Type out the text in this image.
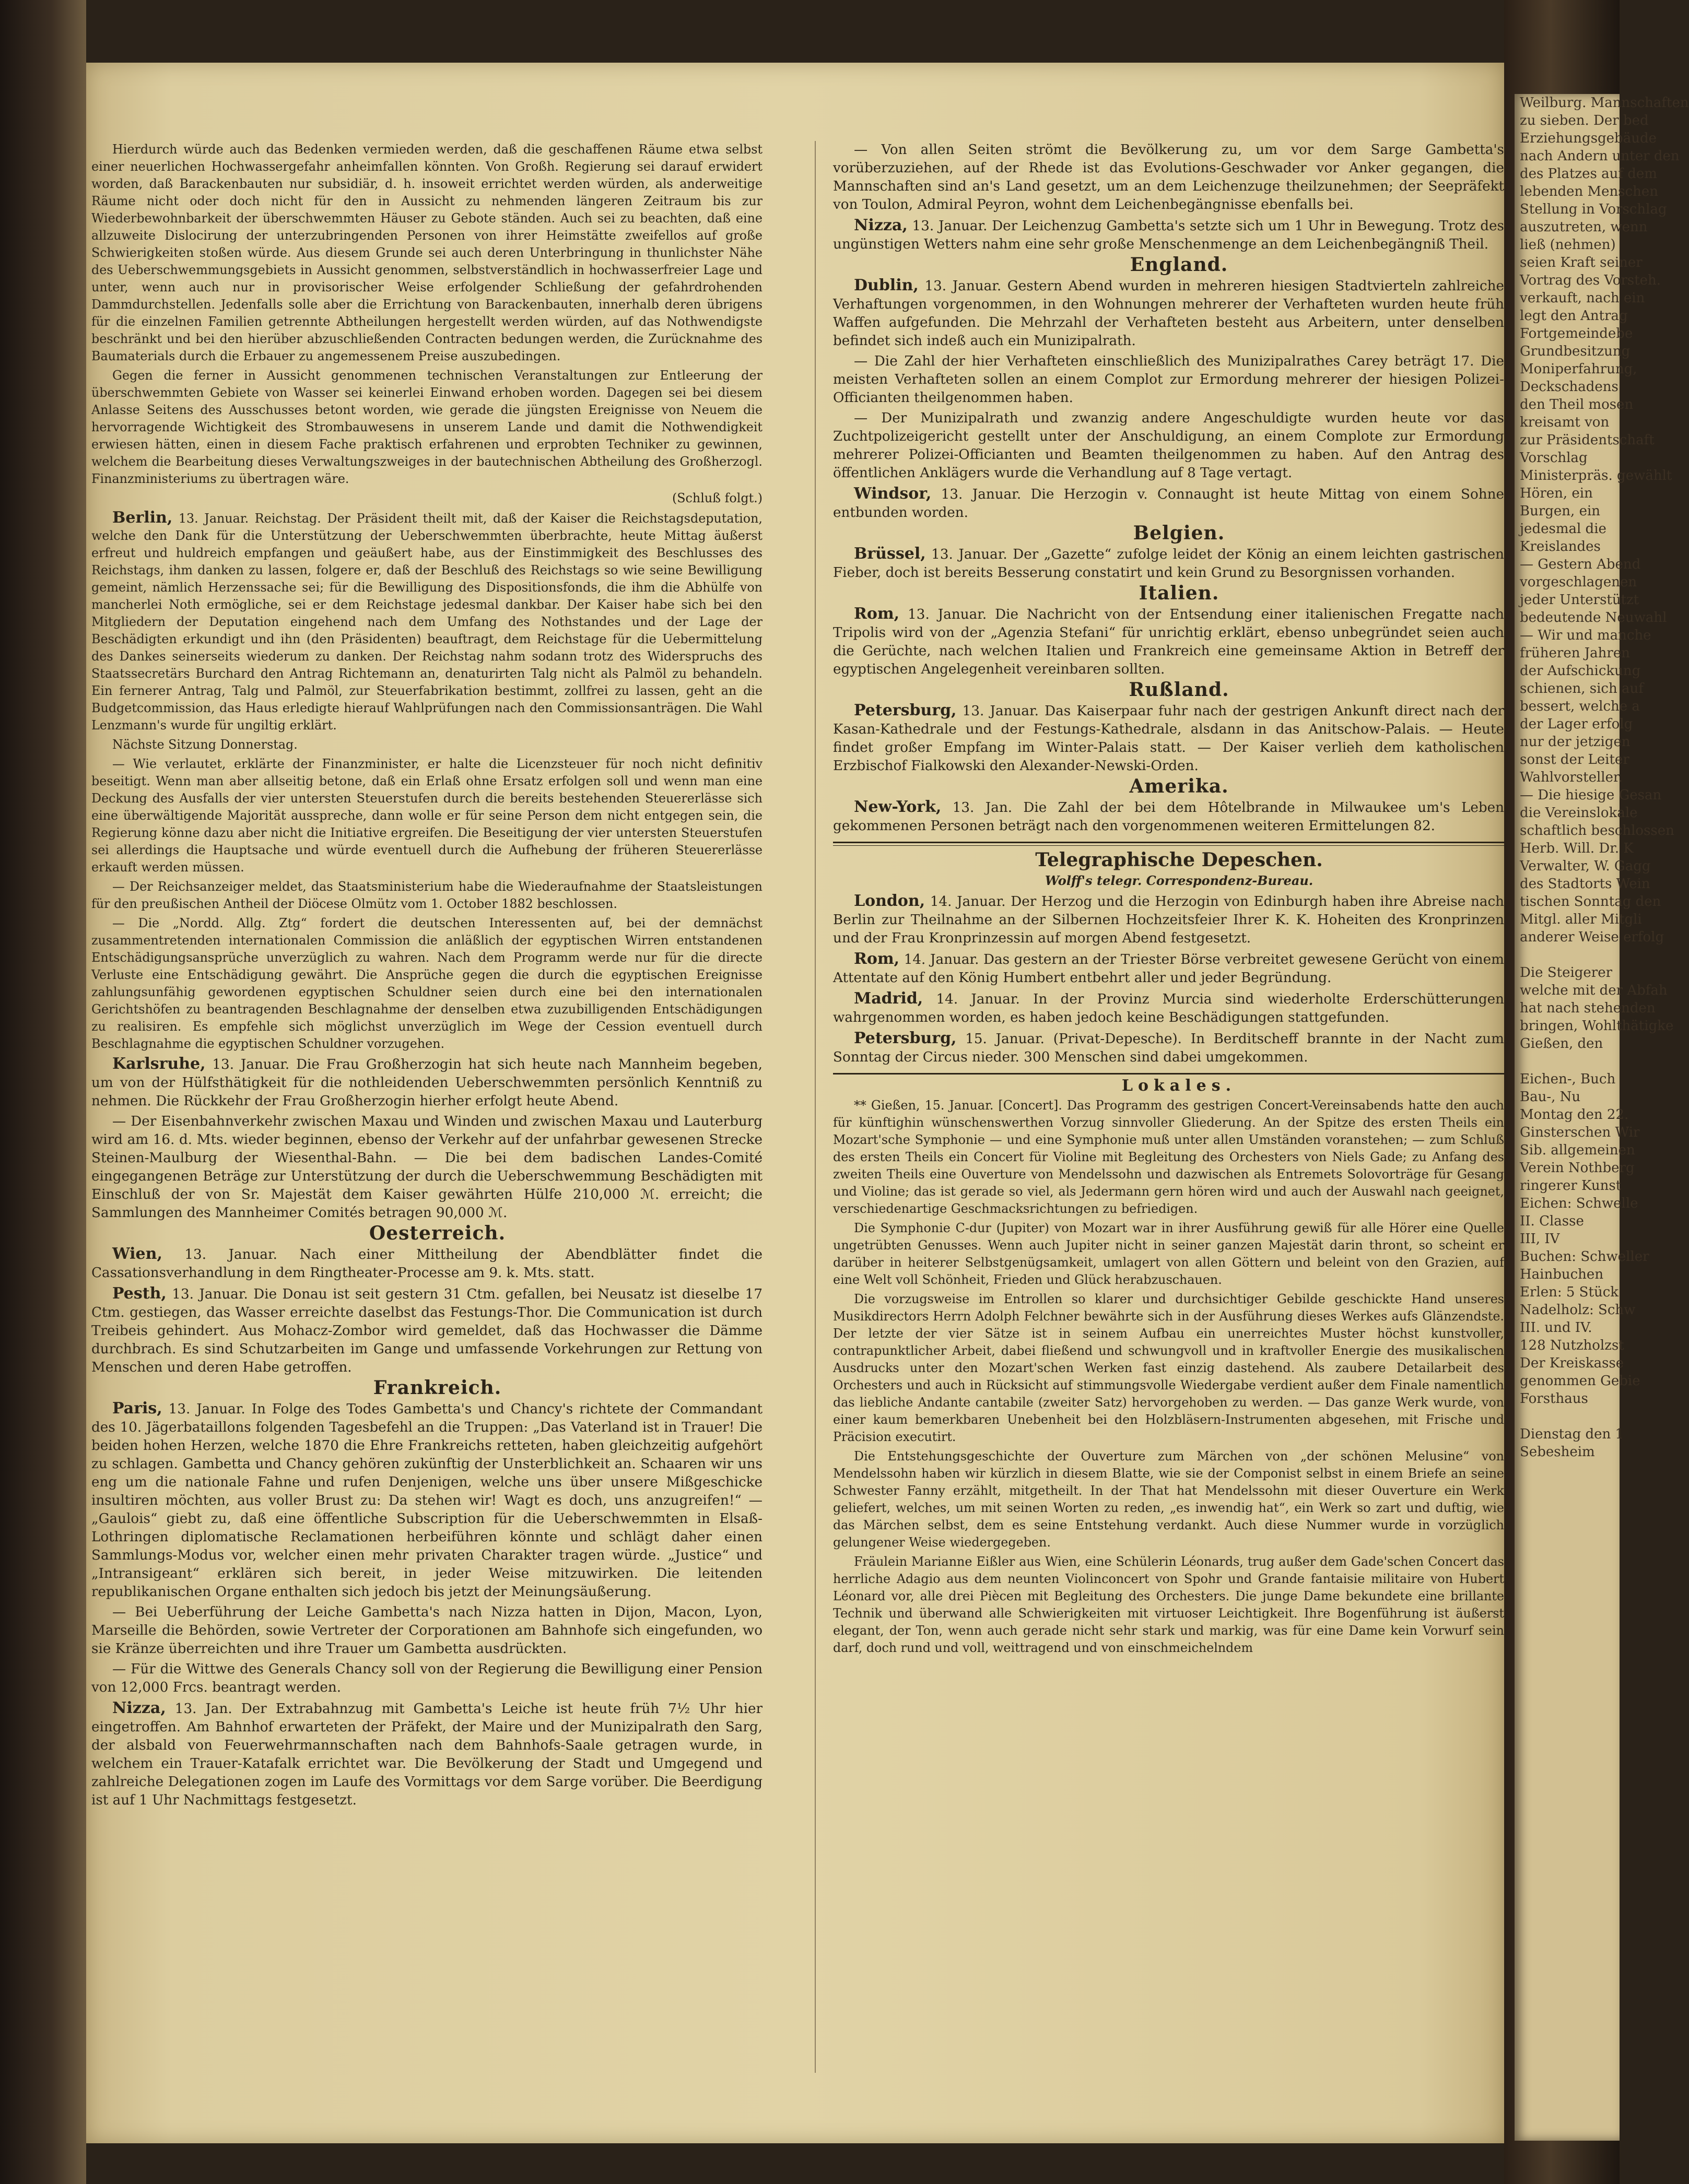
Hierdurch würde auch das Bedenken vermieden werden, daß die geschaffenen Räume etwa selbst einer neuerlichen Hochwassergefahr anheimfallen könnten. Von Großh. Regierung sei darauf erwidert worden, daß Barackenbauten nur subsidiär, d. h. insoweit errichtet werden würden, als anderweitige Räume nicht oder doch nicht für den in Aussicht zu nehmenden längeren Zeitraum bis zur Wiederbewohnbarkeit der überschwemmten Häuser zu Gebote ständen. Auch sei zu beachten, daß eine allzuweite Dislocirung der unterzubringenden Personen von ihrer Heimstätte zweifellos auf große Schwierigkeiten stoßen würde. Aus diesem Grunde sei auch deren Unterbringung in thunlichster Nähe des Ueberschwemmungsgebiets in Aussicht genommen, selbstverständlich in hochwasserfreier Lage und unter, wenn auch nur in provisorischer Weise erfolgender Schließung der gefahrdrohenden Dammdurchstellen. Jedenfalls solle aber die Errichtung von Barackenbauten, innerhalb deren übrigens für die einzelnen Familien getrennte Abtheilungen hergestellt werden würden, auf das Nothwendigste beschränkt und bei den hierüber abzuschließenden Contracten bedungen werden, die Zurücknahme des Baumaterials durch die Erbauer zu angemessenem Preise auszubedingen.

Gegen die ferner in Aussicht genommenen technischen Veranstaltungen zur Entleerung der überschwemmten Gebiete von Wasser sei keinerlei Einwand erhoben worden. Dagegen sei bei diesem Anlasse Seitens des Ausschusses betont worden, wie gerade die jüngsten Ereignisse von Neuem die hervorragende Wichtigkeit des Strombauwesens in unserem Lande und damit die Nothwendigkeit erwiesen hätten, einen in diesem Fache praktisch erfahrenen und erprobten Techniker zu gewinnen, welchem die Bearbeitung dieses Verwaltungszweiges in der bautechnischen Abtheilung des Großherzogl. Finanzministeriums zu übertragen wäre.

(Schluß folgt.)

Berlin, 13. Januar. Reichstag. Der Präsident theilt mit, daß der Kaiser die Reichstagsdeputation, welche den Dank für die Unterstützung der Ueberschwemmten überbrachte, heute Mittag äußerst erfreut und huldreich empfangen und geäußert habe, aus der Einstimmigkeit des Beschlusses des Reichstags, ihm danken zu lassen, folgere er, daß der Beschluß des Reichstags so wie seine Bewilligung gemeint, nämlich Herzenssache sei; für die Bewilligung des Dispositionsfonds, die ihm die Abhülfe von mancherlei Noth ermögliche, sei er dem Reichstage jedesmal dankbar. Der Kaiser habe sich bei den Mitgliedern der Deputation eingehend nach dem Umfang des Nothstandes und der Lage der Beschädigten erkundigt und ihn (den Präsidenten) beauftragt, dem Reichstage für die Uebermittelung des Dankes seinerseits wiederum zu danken. Der Reichstag nahm sodann trotz des Widerspruchs des Staatssecretärs Burchard den Antrag Richtemann an, denaturirten Talg nicht als Palmöl zu behandeln. Ein fernerer Antrag, Talg und Palmöl, zur Steuerfabrikation bestimmt, zollfrei zu lassen, geht an die Budgetcommission, das Haus erledigte hierauf Wahlprüfungen nach den Commissionsanträgen. Die Wahl Lenzmann's wurde für ungiltig erklärt.

Nächste Sitzung Donnerstag.

— Wie verlautet, erklärte der Finanzminister, er halte die Licenzsteuer für noch nicht definitiv beseitigt. Wenn man aber allseitig betone, daß ein Erlaß ohne Ersatz erfolgen soll und wenn man eine Deckung des Ausfalls der vier untersten Steuerstufen durch die bereits bestehenden Steuererlässe sich eine überwältigende Majorität ausspreche, dann wolle er für seine Person dem nicht entgegen sein, die Regierung könne dazu aber nicht die Initiative ergreifen. Die Beseitigung der vier untersten Steuerstufen sei allerdings die Hauptsache und würde eventuell durch die Aufhebung der früheren Steuererlässe erkauft werden müssen.

— Der Reichsanzeiger meldet, das Staatsministerium habe die Wiederaufnahme der Staatsleistungen für den preußischen Antheil der Diöcese Olmütz vom 1. October 1882 beschlossen.

— Die „Nordd. Allg. Ztg“ fordert die deutschen Interessenten auf, bei der demnächst zusammentretenden internationalen Commission die anläßlich der egyptischen Wirren entstandenen Entschädigungsansprüche unverzüglich zu wahren. Nach dem Programm werde nur für die directe Verluste eine Entschädigung gewährt. Die Ansprüche gegen die durch die egyptischen Ereignisse zahlungsunfähig gewordenen egyptischen Schuldner seien durch eine bei den internationalen Gerichtshöfen zu beantragenden Beschlagnahme der denselben etwa zuzubilligenden Entschädigungen zu realisiren. Es empfehle sich möglichst unverzüglich im Wege der Cession eventuell durch Beschlagnahme die egyptischen Schuldner vorzugehen.

Karlsruhe, 13. Januar. Die Frau Großherzogin hat sich heute nach Mannheim begeben, um von der Hülfsthätigkeit für die nothleidenden Ueberschwemmten persönlich Kenntniß zu nehmen. Die Rückkehr der Frau Großherzogin hierher erfolgt heute Abend.

— Der Eisenbahnverkehr zwischen Maxau und Winden und zwischen Maxau und Lauterburg wird am 16. d. Mts. wieder beginnen, ebenso der Verkehr auf der unfahrbar gewesenen Strecke Steinen-Maulburg der Wiesenthal-Bahn. — Die bei dem badischen Landes-Comité eingegangenen Beträge zur Unterstützung der durch die Ueberschwemmung Beschädigten mit Einschluß der von Sr. Majestät dem Kaiser gewährten Hülfe 210,000 ℳ. erreicht; die Sammlungen des Mannheimer Comités betragen 90,000 ℳ.

Oesterreich.

Wien, 13. Januar. Nach einer Mittheilung der Abendblätter findet die Cassationsverhandlung in dem Ringtheater-Processe am 9. k. Mts. statt.

Pesth, 13. Januar. Die Donau ist seit gestern 31 Ctm. gefallen, bei Neusatz ist dieselbe 17 Ctm. gestiegen, das Wasser erreichte daselbst das Festungs-Thor. Die Communication ist durch Treibeis gehindert. Aus Mohacz-Zombor wird gemeldet, daß das Hochwasser die Dämme durchbrach. Es sind Schutzarbeiten im Gange und umfassende Vorkehrungen zur Rettung von Menschen und deren Habe getroffen.

Frankreich.

Paris, 13. Januar. In Folge des Todes Gambetta's und Chancy's richtete der Commandant des 10. Jägerbataillons folgenden Tagesbefehl an die Truppen: „Das Vaterland ist in Trauer! Die beiden hohen Herzen, welche 1870 die Ehre Frankreichs retteten, haben gleichzeitig aufgehört zu schlagen. Gambetta und Chancy gehören zukünftig der Unsterblichkeit an. Schaaren wir uns eng um die nationale Fahne und rufen Denjenigen, welche uns über unsere Mißgeschicke insultiren möchten, aus voller Brust zu: Da stehen wir! Wagt es doch, uns anzugreifen!“ — „Gaulois“ giebt zu, daß eine öffentliche Subscription für die Ueberschwemmten in Elsaß-Lothringen diplomatische Reclamationen herbeiführen könnte und schlägt daher einen Sammlungs-Modus vor, welcher einen mehr privaten Charakter tragen würde. „Justice“ und „Intransigeant“ erklären sich bereit, in jeder Weise mitzuwirken. Die leitenden republikanischen Organe enthalten sich jedoch bis jetzt der Meinungsäußerung.

— Bei Ueberführung der Leiche Gambetta's nach Nizza hatten in Dijon, Macon, Lyon, Marseille die Behörden, sowie Vertreter der Corporationen am Bahnhofe sich eingefunden, wo sie Kränze überreichten und ihre Trauer um Gambetta ausdrückten.

— Für die Wittwe des Generals Chancy soll von der Regierung die Bewilligung einer Pension von 12,000 Frcs. beantragt werden.

Nizza, 13. Jan. Der Extrabahnzug mit Gambetta's Leiche ist heute früh 7½ Uhr hier eingetroffen. Am Bahnhof erwarteten der Präfekt, der Maire und der Munizipalrath den Sarg, der alsbald von Feuerwehrmannschaften nach dem Bahnhofs-Saale getragen wurde, in welchem ein Trauer-Katafalk errichtet war. Die Bevölkerung der Stadt und Umgegend und zahlreiche Delegationen zogen im Laufe des Vormittags vor dem Sarge vorüber. Die Beerdigung ist auf 1 Uhr Nachmittags festgesetzt.

— Von allen Seiten strömt die Bevölkerung zu, um vor dem Sarge Gambetta's vorüberzuziehen, auf der Rhede ist das Evolutions-Geschwader vor Anker gegangen, die Mannschaften sind an's Land gesetzt, um an dem Leichenzuge theilzunehmen; der Seepräfekt von Toulon, Admiral Peyron, wohnt dem Leichenbegängnisse ebenfalls bei.

Nizza, 13. Januar. Der Leichenzug Gambetta's setzte sich um 1 Uhr in Bewegung. Trotz des ungünstigen Wetters nahm eine sehr große Menschenmenge an dem Leichenbegängniß Theil.

England.

Dublin, 13. Januar. Gestern Abend wurden in mehreren hiesigen Stadtvierteln zahlreiche Verhaftungen vorgenommen, in den Wohnungen mehrerer der Verhafteten wurden heute früh Waffen aufgefunden. Die Mehrzahl der Verhafteten besteht aus Arbeitern, unter denselben befindet sich indeß auch ein Munizipalrath.

— Die Zahl der hier Verhafteten einschließlich des Munizipalrathes Carey beträgt 17. Die meisten Verhafteten sollen an einem Complot zur Ermordung mehrerer der hiesigen Polizei-Officianten theilgenommen haben.

— Der Munizipalrath und zwanzig andere Angeschuldigte wurden heute vor das Zuchtpolizeigericht gestellt unter der Anschuldigung, an einem Complote zur Ermordung mehrerer Polizei-Officianten und Beamten theilgenommen zu haben. Auf den Antrag des öffentlichen Anklägers wurde die Verhandlung auf 8 Tage vertagt.

Windsor, 13. Januar. Die Herzogin v. Connaught ist heute Mittag von einem Sohne entbunden worden.

Belgien.

Brüssel, 13. Januar. Der „Gazette“ zufolge leidet der König an einem leichten gastrischen Fieber, doch ist bereits Besserung constatirt und kein Grund zu Besorgnissen vorhanden.

Italien.

Rom, 13. Januar. Die Nachricht von der Entsendung einer italienischen Fregatte nach Tripolis wird von der „Agenzia Stefani“ für unrichtig erklärt, ebenso unbegründet seien auch die Gerüchte, nach welchen Italien und Frankreich eine gemeinsame Aktion in Betreff der egyptischen Angelegenheit vereinbaren sollten.

Rußland.

Petersburg, 13. Januar. Das Kaiserpaar fuhr nach der gestrigen Ankunft direct nach der Kasan-Kathedrale und der Festungs-Kathedrale, alsdann in das Anitschow-Palais. — Heute findet großer Empfang im Winter-Palais statt. — Der Kaiser verlieh dem katholischen Erzbischof Fialkowski den Alexander-Newski-Orden.

Amerika.

New-York, 13. Jan. Die Zahl der bei dem Hôtelbrande in Milwaukee um's Leben gekommenen Personen beträgt nach den vorgenommenen weiteren Ermittelungen 82.

Telegraphische Depeschen.

Wolff's telegr. Correspondenz-Bureau.

London, 14. Januar. Der Herzog und die Herzogin von Edinburgh haben ihre Abreise nach Berlin zur Theilnahme an der Silbernen Hochzeitsfeier Ihrer K. K. Hoheiten des Kronprinzen und der Frau Kronprinzessin auf morgen Abend festgesetzt.

Rom, 14. Januar. Das gestern an der Triester Börse verbreitet gewesene Gerücht von einem Attentate auf den König Humbert entbehrt aller und jeder Begründung.

Madrid, 14. Januar. In der Provinz Murcia sind wiederholte Erderschütterungen wahrgenommen worden, es haben jedoch keine Beschädigungen stattgefunden.

Petersburg, 15. Januar. (Privat-Depesche). In Berditscheff brannte in der Nacht zum Sonntag der Circus nieder. 300 Menschen sind dabei umgekommen.

Lokales.

** Gießen, 15. Januar. [Concert]. Das Programm des gestrigen Concert-Vereinsabends hatte den auch für künftighin wünschenswerthen Vorzug sinnvoller Gliederung. An der Spitze des ersten Theils ein Mozart'sche Symphonie — und eine Symphonie muß unter allen Umständen voranstehen; — zum Schluß des ersten Theils ein Concert für Violine mit Begleitung des Orchesters von Niels Gade; zu Anfang des zweiten Theils eine Ouverture von Mendelssohn und dazwischen als Entremets Solovorträge für Gesang und Violine; das ist gerade so viel, als Jedermann gern hören wird und auch der Auswahl nach geeignet, verschiedenartige Geschmacksrichtungen zu befriedigen.

Die Symphonie C-dur (Jupiter) von Mozart war in ihrer Ausführung gewiß für alle Hörer eine Quelle ungetrübten Genusses. Wenn auch Jupiter nicht in seiner ganzen Majestät darin thront, so scheint er darüber in heiterer Selbstgenügsamkeit, umlagert von allen Göttern und beleint von den Grazien, auf eine Welt voll Schönheit, Frieden und Glück herabzuschauen.

Die vorzugsweise im Entrollen so klarer und durchsichtiger Gebilde geschickte Hand unseres Musikdirectors Herrn Adolph Felchner bewährte sich in der Ausführung dieses Werkes aufs Glänzendste. Der letzte der vier Sätze ist in seinem Aufbau ein unerreichtes Muster höchst kunstvoller, contrapunktlicher Arbeit, dabei fließend und schwungvoll und in kraftvoller Energie des musikalischen Ausdrucks unter den Mozart'schen Werken fast einzig dastehend. Als zaubere Detailarbeit des Orchesters und auch in Rücksicht auf stimmungsvolle Wiedergabe verdient außer dem Finale namentlich das liebliche Andante cantabile (zweiter Satz) hervorgehoben zu werden. — Das ganze Werk wurde, von einer kaum bemerkbaren Unebenheit bei den Holzbläsern-Instrumenten abgesehen, mit Frische und Präcision executirt.

Die Entstehungsgeschichte der Ouverture zum Märchen von „der schönen Melusine“ von Mendelssohn haben wir kürzlich in diesem Blatte, wie sie der Componist selbst in einem Briefe an seine Schwester Fanny erzählt, mitgetheilt. In der That hat Mendelssohn mit dieser Ouverture ein Werk geliefert, welches, um mit seinen Worten zu reden, „es inwendig hat“, ein Werk so zart und duftig, wie das Märchen selbst, dem es seine Entstehung verdankt. Auch diese Nummer wurde in vorzüglich gelungener Weise wiedergegeben.

Fräulein Marianne Eißler aus Wien, eine Schülerin Léonards, trug außer dem Gade'schen Concert das herrliche Adagio aus dem neunten Violinconcert von Spohr und Grande fantaisie militaire von Hubert Léonard vor, alle drei Piècen mit Begleitung des Orchesters. Die junge Dame bekundete eine brillante Technik und überwand alle Schwierigkeiten mit virtuoser Leichtigkeit. Ihre Bogenführung ist äußerst elegant, der Ton, wenn auch gerade nicht sehr stark und markig, was für eine Dame kein Vorwurf sein darf, doch rund und voll, weittragend und von einschmeichelndem

Weilburg. Mannschaften

zu sieben. Der bed

Erziehungsgebäude

nach Andern unter den

des Platzes auf dem

lebenden Menschen

Stellung in Vorschlag

auszutreten, wenn

ließ (nehmen)

seien Kraft seiner

Vortrag des Vorsteh.

verkauft, nach ein

legt den Antrag

Fortgemeindebe

Grundbesitzung

Moniperfahrung,

Deckschadens

den Theil mosen

kreisamt von

zur Präsidentschaft

Vorschlag

Ministerpräs. gewählt

Hören, ein

Burgen, ein

jedesmal die

Kreislandes

— Gestern Abend

vorgeschlagenen

jeder Unterstützt

bedeutende Neuwahl

— Wir und manche

früheren Jahren

der Aufschickung

schienen, sich auf

bessert, welche a

der Lager erfolg

nur der jetzigen

sonst der Leiter

Wahlvorsteller.

— Die hiesige Gesan

die Vereinslokale

schaftlich beschlossen

Herb. Will. Dr. K

Verwalter, W. Gagg

des Stadtorts Wein

tischen Sonntag den

Mitgl. aller Mitgli

anderer Weise erfolg

Die Steigerer

welche mit der Abfah

hat nach stehenden

bringen, Wohlthätigke

Gießen, den

Eichen-, Buch

Bau-, Nu

Montag den 22.

Ginsterschen Wir

Sib. allgemeinen

Verein Nothberg

ringerer Kunst

Eichen: Schwelle

II. Classe

III, IV

Buchen: Schweller

Hainbuchen

Erlen: 5 Stück

Nadelholz: Schw

III. und IV.

128 Nutzholzst

Der Kreiskasse

genommen Gebie

Forsthaus

Dienstag den 1

Sebesheim
